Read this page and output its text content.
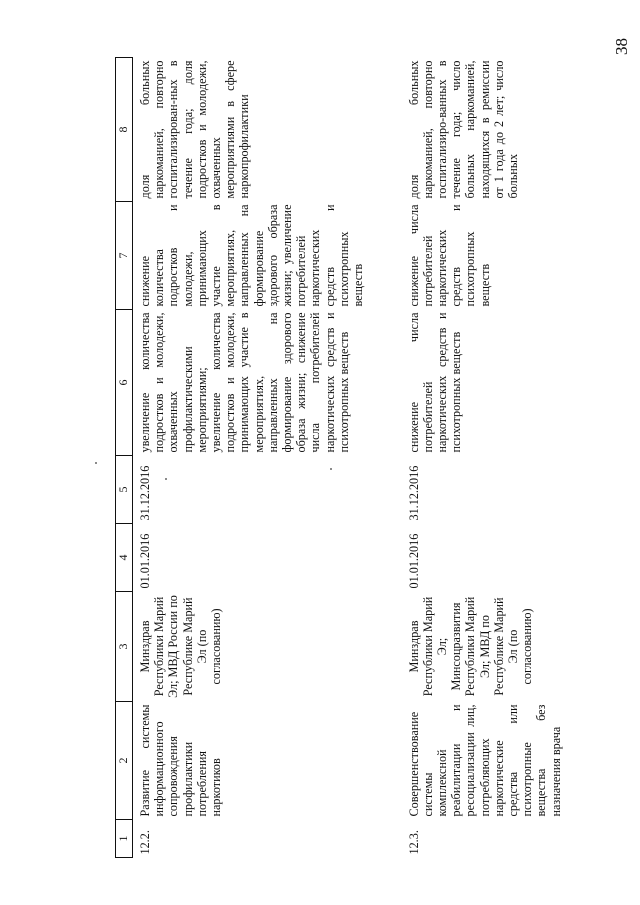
38
1	2	3	4	5	6	7	8
12.2.	Развитие системы информационного сопровождения профилактики потребления наркотиков	Минздрав Республики Марий Эл; МВД России по Республике Марий Эл (по согласованию)	01.01.2016	31.12.2016	увеличение количества подростков и молодежи, охваченных профилактическими мероприятиями; увеличение количества подростков и молодежи, принимающих участие в мероприятиях, направленных на формирование здорового образа жизни; снижение числа потребителей наркотических средств и психотропных веществ	снижение количества подростков и молодежи, принимающих участие в мероприятиях, направленных на формирование здорового образа жизни; увеличение потребителей наркотических средств и психотропных веществ	доля больных наркоманией, повторно госпитализирован-ных в течение года; доля подростков и молодежи, охваченных мероприятиями в сфере наркопрофилактики
12.3.	Совершенствование системы комплексной реабилитации и ресоциализации лиц, потребляющих наркотические средства или психотропные вещества без назначения врача	Минздрав Республики Марий Эл; Минсоцразвития Республики Марий Эл; МВД по Республике Марий Эл (по согласованию)	01.01.2016	31.12.2016	снижение числа потребителей наркотических средств и психотропных веществ	снижение числа потребителей наркотических средств и психотропных веществ	доля больных наркоманией, повторно госпитализиро-ванных в течение года; число больных наркоманией, находящихся в ремиссии от 1 года до 2 лет; число больных
